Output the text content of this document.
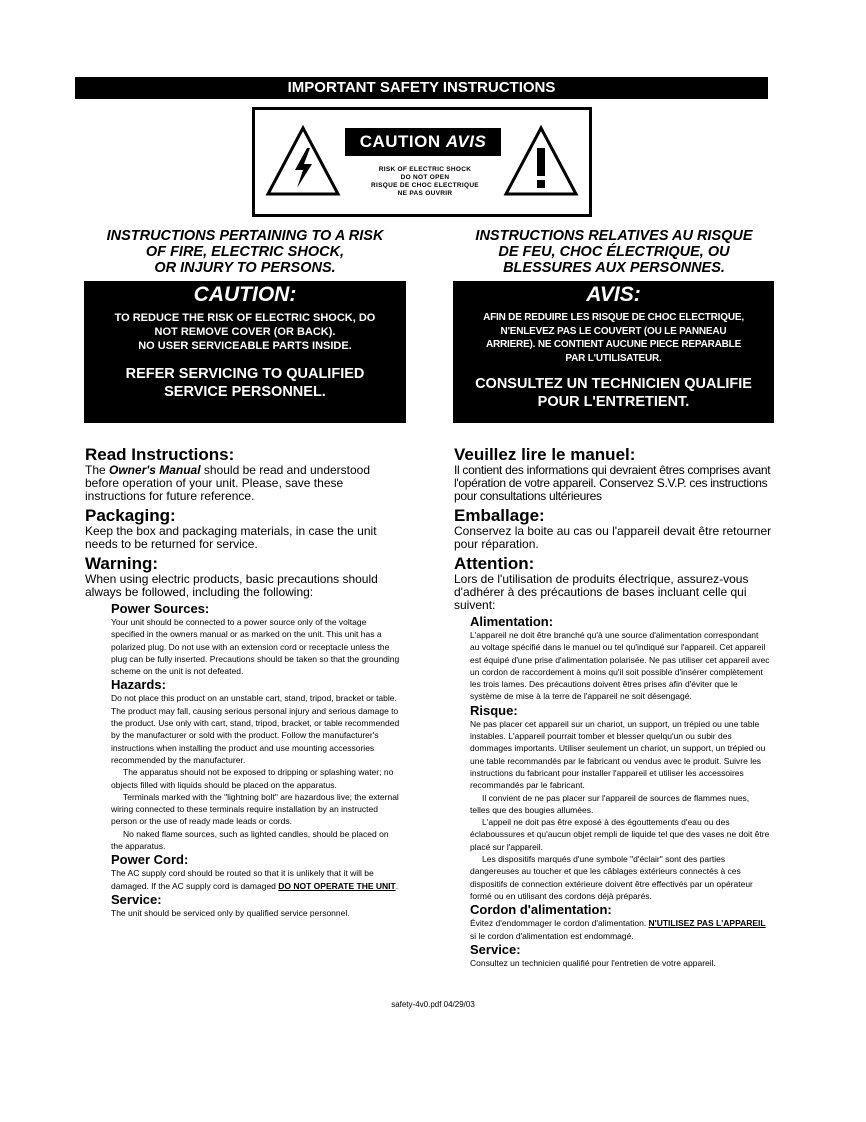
IMPORTANT SAFETY INSTRUCTIONS
CAUTION AVIS
RISK OF ELECTRIC SHOCK
DO NOT OPEN
RISQUE DE CHOC ELECTRIQUE
NE PAS OUVRIR
INSTRUCTIONS PERTAINING TO A RISK
OF FIRE, ELECTRIC SHOCK,
OR INJURY TO PERSONS.
INSTRUCTIONS RELATIVES AU RISQUE
DE FEU, CHOC ÉLECTRIQUE, OU
BLESSURES AUX PERSONNES.
CAUTION:
TO REDUCE THE RISK OF ELECTRIC SHOCK, DO
NOT REMOVE COVER (OR BACK).
NO USER SERVICEABLE PARTS INSIDE.
REFER SERVICING TO QUALIFIED
SERVICE PERSONNEL.
AVIS:
AFIN DE REDUIRE LES RISQUE DE CHOC ELECTRIQUE,
N'ENLEVEZ PAS LE COUVERT (OU LE PANNEAU
ARRIERE). NE CONTIENT AUCUNE PIECE REPARABLE
PAR L'UTILISATEUR.
CONSULTEZ UN TECHNICIEN QUALIFIE
POUR L'ENTRETIENT.
Read Instructions:
The Owner's Manual should be read and understood before operation of your unit. Please, save these instructions for future reference.
Packaging:
Keep the box and packaging materials, in case the unit needs to be returned for service.
Warning:
When using electric products, basic precautions should always be followed, including the following:
Power Sources:
Your unit should be connected to a power source only of the voltage specified in the owners manual or as marked on the unit. This unit has a polarized plug. Do not use with an extension cord or receptacle unless the plug can be fully inserted. Precautions should be taken so that the grounding scheme on the unit is not defeated.
Hazards:
Do not place this product on an unstable cart, stand, tripod, bracket or table. The product may fall, causing serious personal injury and serious damage to the product. Use only with cart, stand, tripod, bracket, or table recommended by the manufacturer or sold with the product. Follow the manufacturer's instructions when installing the product and use mounting accessories recommended by the manufacturer.
The apparatus should not be exposed to dripping or splashing water; no objects filled with liquids should be placed on the apparatus.
Terminals marked with the "lightning bolt" are hazardous live; the external wiring connected to these terminals require installation by an instructed person or the use of ready made leads or cords.
No naked flame sources, such as lighted candles, should be placed on the apparatus.
Power Cord:
The AC supply cord should be routed so that it is unlikely that it will be damaged. If the AC supply cord is damaged DO NOT OPERATE THE UNIT.
Service:
The unit should be serviced only by qualified service personnel.
Veuillez lire le manuel:
Il contient des informations qui devraient êtres comprises avant l'opération de votre appareil. Conservez S.V.P. ces instructions pour consultations ultérieures
Emballage:
Conservez la boite au cas ou l'appareil devait être retourner pour réparation.
Attention:
Lors de l'utilisation de produits électrique, assurez-vous d'adhérer à des précautions de bases incluant celle qui suivent:
Alimentation:
L'appareil ne doit être branché qu'à une source d'alimentation correspondant au voltage spécifié dans le manuel ou tel qu'indiqué sur l'appareil. Cet appareil est équipé d'une prise d'alimentation polarisée. Ne pas utiliser cet appareil avec un cordon de raccordement à moins qu'il soit possible d'insérer complètement les trois lames. Des précautions doivent êtres prises afin d'éviter que le système de mise à la terre de l'appareil ne soit désengagé.
Risque:
Ne pas placer cet appareil sur un chariot, un support, un trépied ou une table instables. L'appareil pourrait tomber et blesser quelqu'un ou subir des dommages importants. Utiliser seulement un chariot, un support, un trépied ou une table recommandés par le fabricant ou vendus avec le produit. Suivre les instructions du fabricant pour installer l'appareil et utiliser les accessoires recommandés par le fabricant.
Il convient de ne pas placer sur l'appareil de sources de flammes nues, telles que des bougies allumées.
L'appeil ne doit pas être exposé à des égouttements d'eau ou des éclaboussures et qu'aucun objet rempli de liquide tel que des vases ne doit être placé sur l'appareil.
Les dispositifs marqués d'une symbole "d'éclair" sont des parties dangereuses au toucher et que les câblages extérieurs connectés à ces dispositifs de connection extérieure doivent être effectivés par un opérateur formé ou en utilisant des cordons déjà préparés.
Cordon d'alimentation:
Évitez d'endommager le cordon d'alimentation. N'UTILISEZ PAS L'APPAREIL si le cordon d'alimentation est endommagé.
Service:
Consultez un technicien qualifié pour l'entretien de votre appareil.
safety-4v0.pdf 04/29/03
